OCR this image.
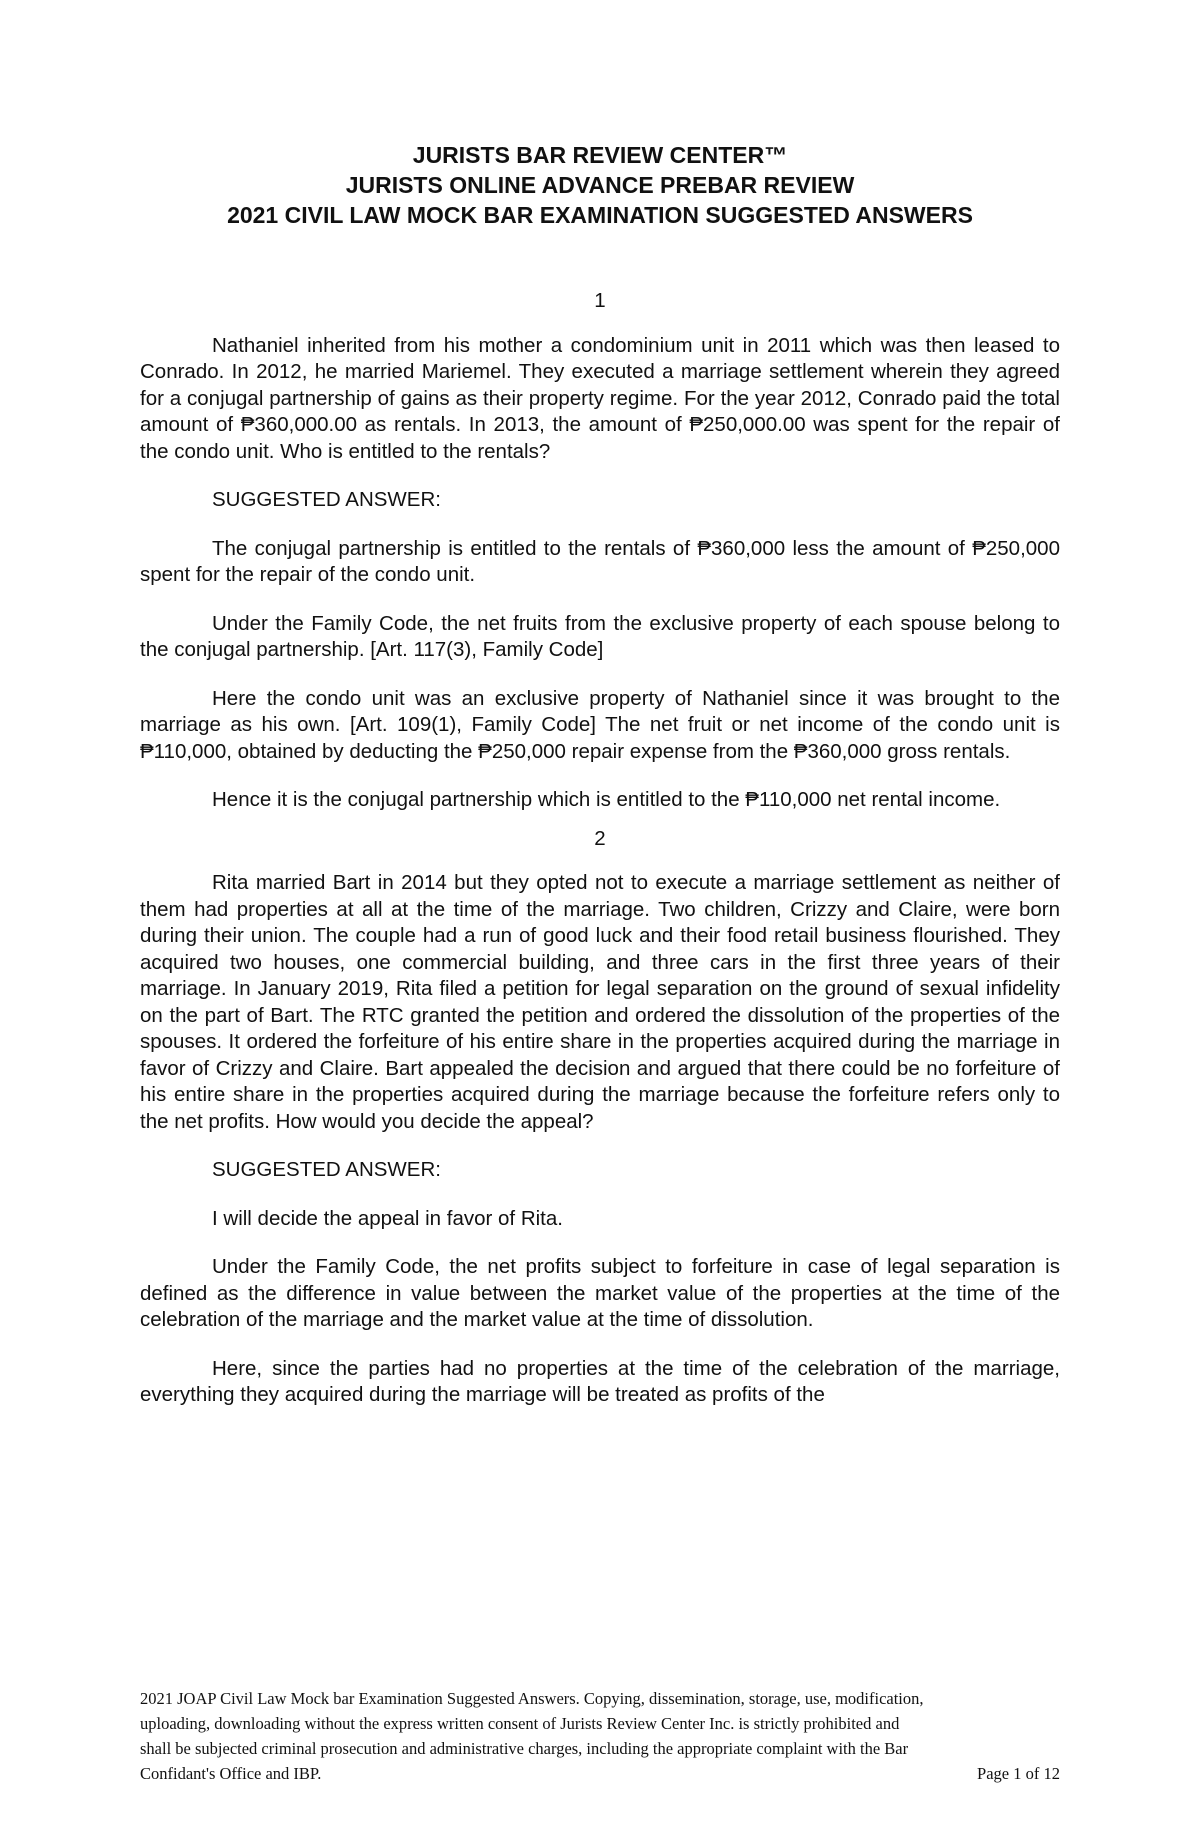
JURISTS BAR REVIEW CENTER™
JURISTS ONLINE ADVANCE PREBAR REVIEW
2021 CIVIL LAW MOCK BAR EXAMINATION SUGGESTED ANSWERS
1

Nathaniel inherited from his mother a condominium unit in 2011 which was then leased to Conrado. In 2012, he married Mariemel. They executed a marriage settlement wherein they agreed for a conjugal partnership of gains as their property regime. For the year 2012, Conrado paid the total amount of ₱360,000.00 as rentals. In 2013, the amount of ₱250,000.00 was spent for the repair of the condo unit. Who is entitled to the rentals?

SUGGESTED ANSWER:

The conjugal partnership is entitled to the rentals of ₱360,000 less the amount of ₱250,000 spent for the repair of the condo unit.

Under the Family Code, the net fruits from the exclusive property of each spouse belong to the conjugal partnership. [Art. 117(3), Family Code]

Here the condo unit was an exclusive property of Nathaniel since it was brought to the marriage as his own. [Art. 109(1), Family Code] The net fruit or net income of the condo unit is ₱110,000, obtained by deducting the ₱250,000 repair expense from the ₱360,000 gross rentals.

Hence it is the conjugal partnership which is entitled to the ₱110,000 net rental income.

2

Rita married Bart in 2014 but they opted not to execute a marriage settlement as neither of them had properties at all at the time of the marriage. Two children, Crizzy and Claire, were born during their union. The couple had a run of good luck and their food retail business flourished. They acquired two houses, one commercial building, and three cars in the first three years of their marriage. In January 2019, Rita filed a petition for legal separation on the ground of sexual infidelity on the part of Bart. The RTC granted the petition and ordered the dissolution of the properties of the spouses. It ordered the forfeiture of his entire share in the properties acquired during the marriage in favor of Crizzy and Claire. Bart appealed the decision and argued that there could be no forfeiture of his entire share in the properties acquired during the marriage because the forfeiture refers only to the net profits. How would you decide the appeal?

SUGGESTED ANSWER:

I will decide the appeal in favor of Rita.

Under the Family Code, the net profits subject to forfeiture in case of legal separation is defined as the difference in value between the market value of the properties at the time of the celebration of the marriage and the market value at the time of dissolution.

Here, since the parties had no properties at the time of the celebration of the marriage, everything they acquired during the marriage will be treated as profits of the

2021 JOAP Civil Law Mock bar Examination Suggested Answers. Copying, dissemination, storage, use, modification,
uploading, downloading without the express written consent of Jurists Review Center Inc. is strictly prohibited and
shall be subjected criminal prosecution and administrative charges, including the appropriate complaint with the Bar
Confidant's Office and IBP.	Page 1 of 12
